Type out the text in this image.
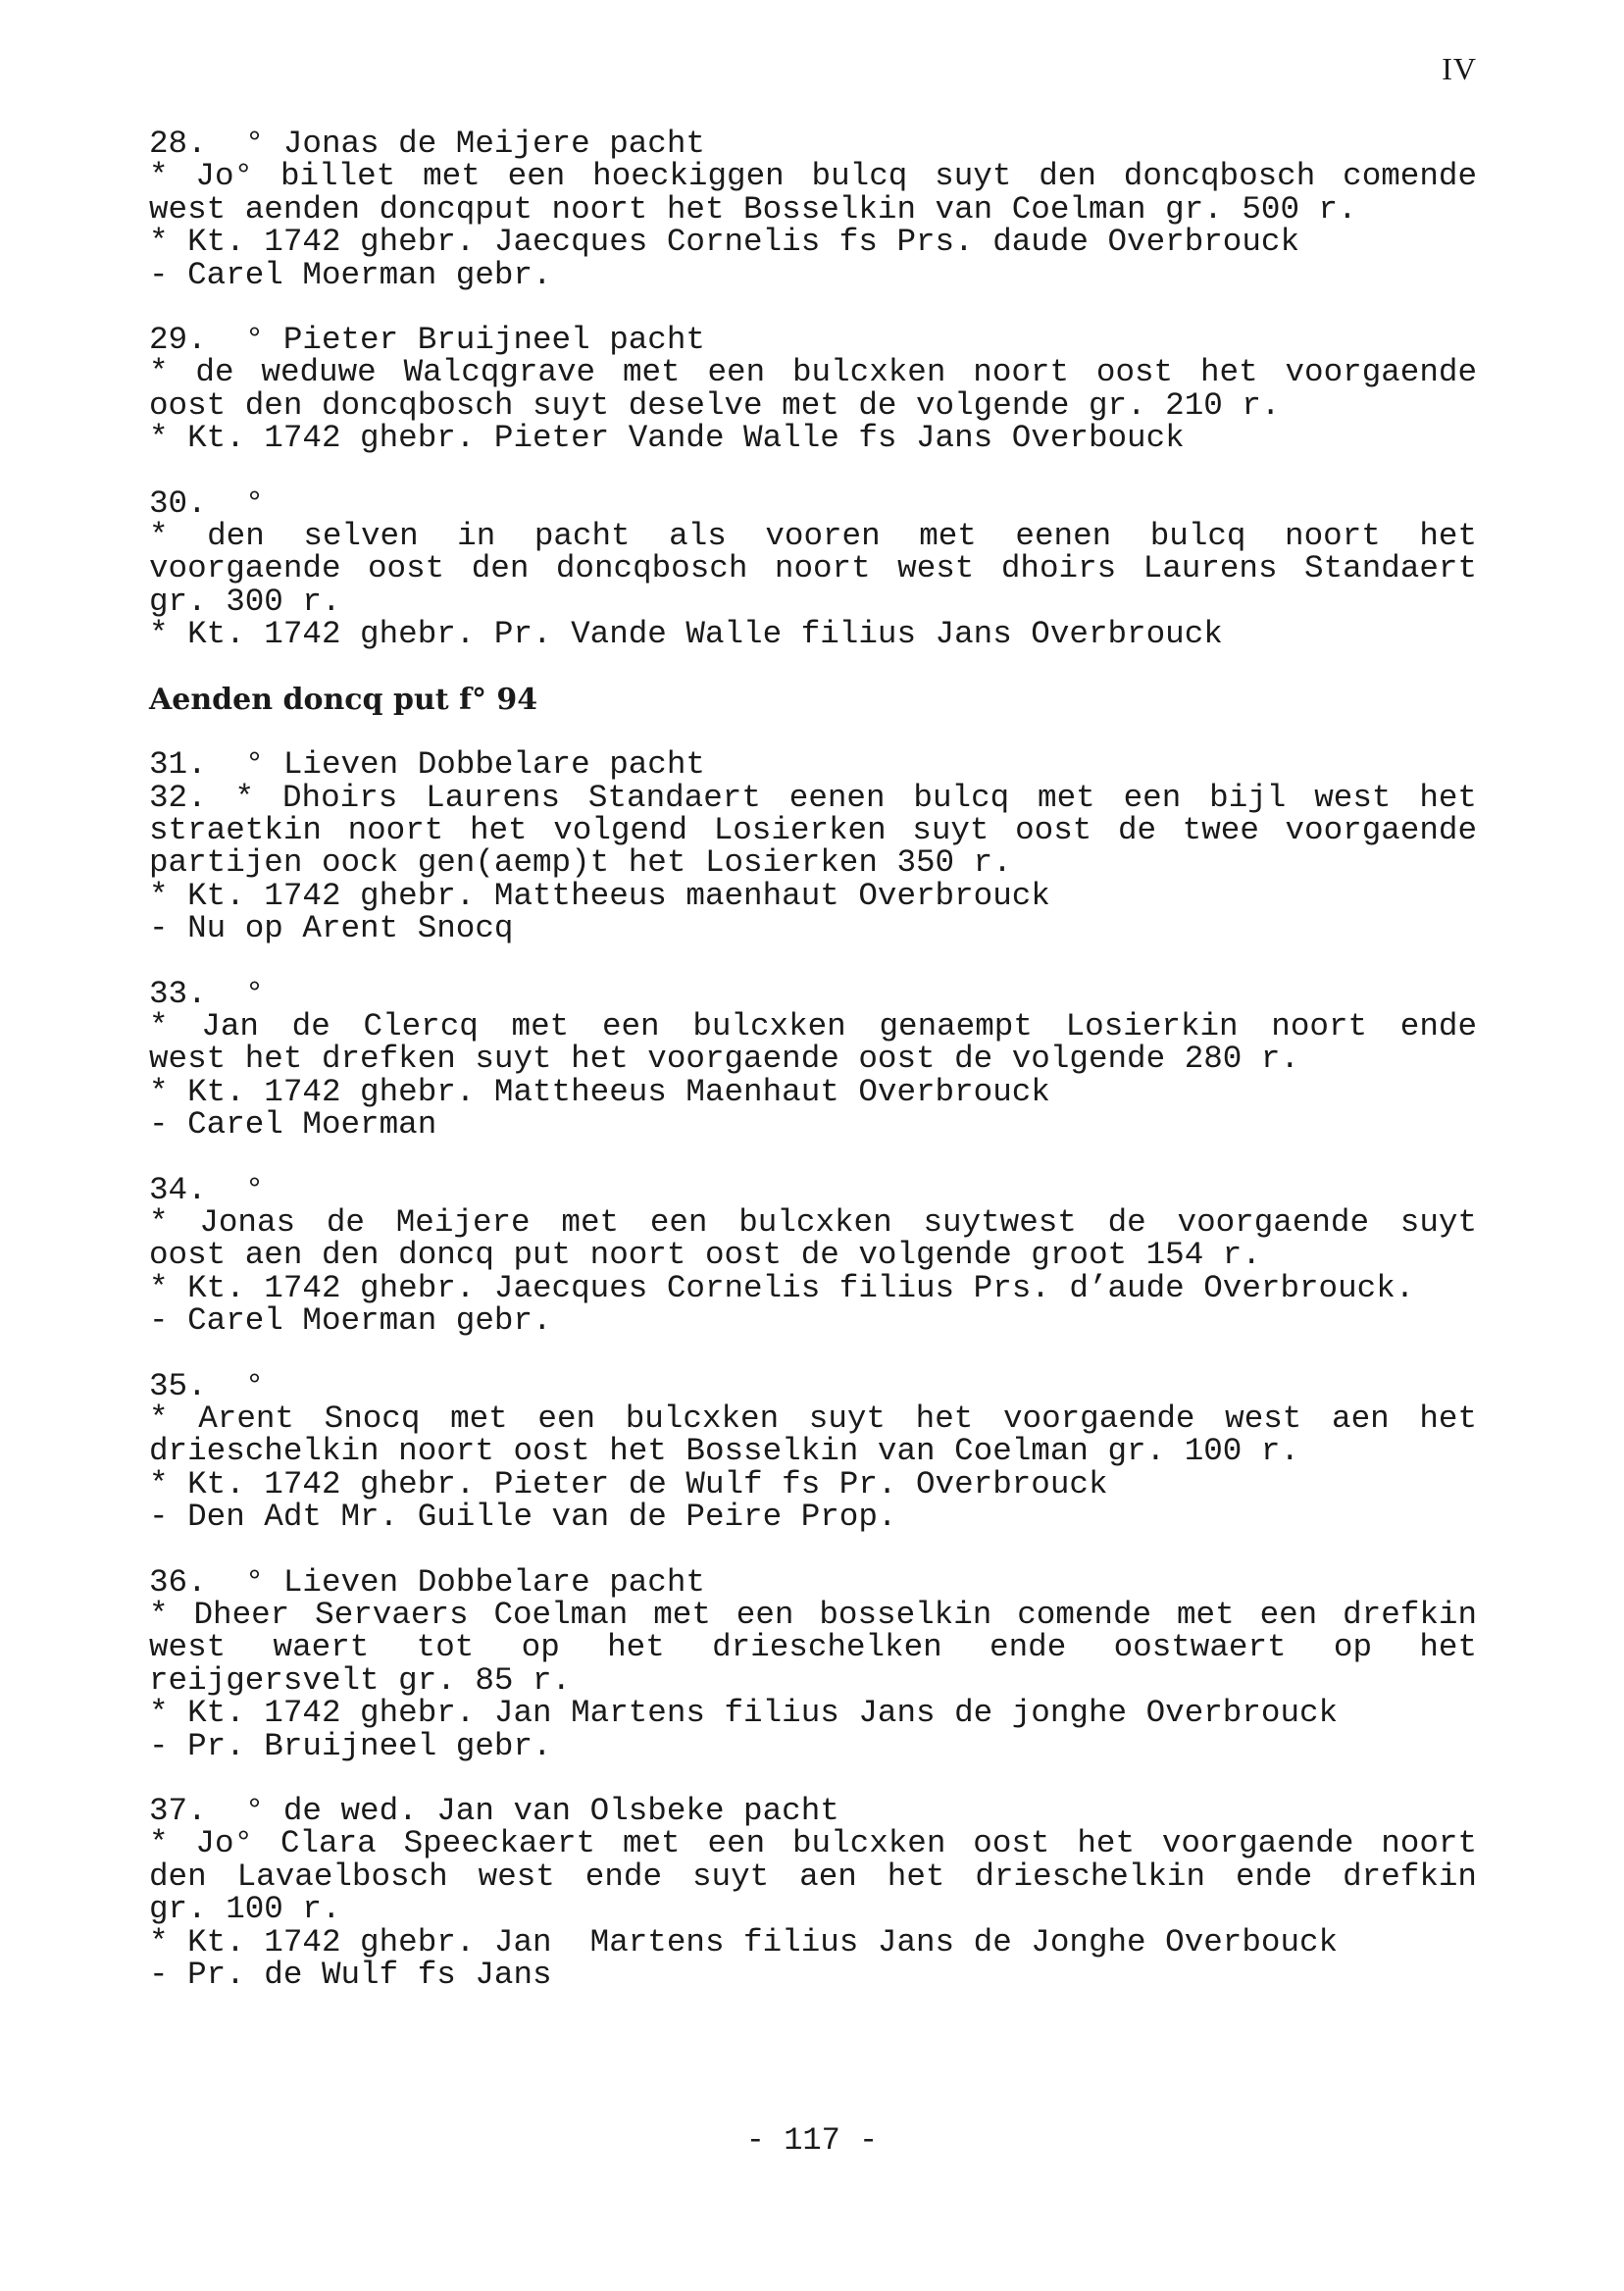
IV
28.  ° Jonas de Meijere pacht
* Jo° billet met een hoeckiggen bulcq suyt den doncqbosch comende
west aenden doncqput noort het Bosselkin van Coelman gr. 500 r.
* Kt. 1742 ghebr. Jaecques Cornelis fs Prs. daude Overbrouck
- Carel Moerman gebr.
29.  ° Pieter Bruijneel pacht
* de weduwe Walcqgrave met een bulcxken noort oost het voorgaende
oost den doncqbosch suyt deselve met de volgende gr. 210 r.
* Kt. 1742 ghebr. Pieter Vande Walle fs Jans Overbouck
30.  °
* den selven in pacht als vooren met eenen bulcq noort het
voorgaende oost den doncqbosch noort west dhoirs Laurens Standaert
gr. 300 r.
* Kt. 1742 ghebr. Pr. Vande Walle filius Jans Overbrouck
Aenden doncq put f° 94
31.  ° Lieven Dobbelare pacht
32. * Dhoirs Laurens Standaert eenen bulcq met een bijl west het
straetkin noort het volgend Losierken suyt oost de twee voorgaende
partijen oock gen(aemp)t het Losierken 350 r.
* Kt. 1742 ghebr. Mattheeus maenhaut Overbrouck
- Nu op Arent Snocq
33.  °
* Jan de Clercq met een bulcxken genaempt Losierkin noort ende
west het drefken suyt het voorgaende oost de volgende 280 r.
* Kt. 1742 ghebr. Mattheeus Maenhaut Overbrouck
- Carel Moerman
34.  °
* Jonas de Meijere met een bulcxken suytwest de voorgaende suyt
oost aen den doncq put noort oost de volgende groot 154 r.
* Kt. 1742 ghebr. Jaecques Cornelis filius Prs. d’aude Overbrouck.
- Carel Moerman gebr.
35.  °
* Arent Snocq met een bulcxken suyt het voorgaende west aen het
drieschelkin noort oost het Bosselkin van Coelman gr. 100 r.
* Kt. 1742 ghebr. Pieter de Wulf fs Pr. Overbrouck
- Den Adt Mr. Guille van de Peire Prop.
36.  ° Lieven Dobbelare pacht
* Dheer Servaers Coelman met een bosselkin comende met een drefkin
west waert tot op het drieschelken ende oostwaert op het
reijgersvelt gr. 85 r.
* Kt. 1742 ghebr. Jan Martens filius Jans de jonghe Overbrouck
- Pr. Bruijneel gebr.
37.  ° de wed. Jan van Olsbeke pacht
* Jo° Clara Speeckaert met een bulcxken oost het voorgaende noort
den Lavaelbosch west ende suyt aen het drieschelkin ende drefkin
gr. 100 r.
* Kt. 1742 ghebr. Jan  Martens filius Jans de Jonghe Overbouck
- Pr. de Wulf fs Jans
- 117 -
